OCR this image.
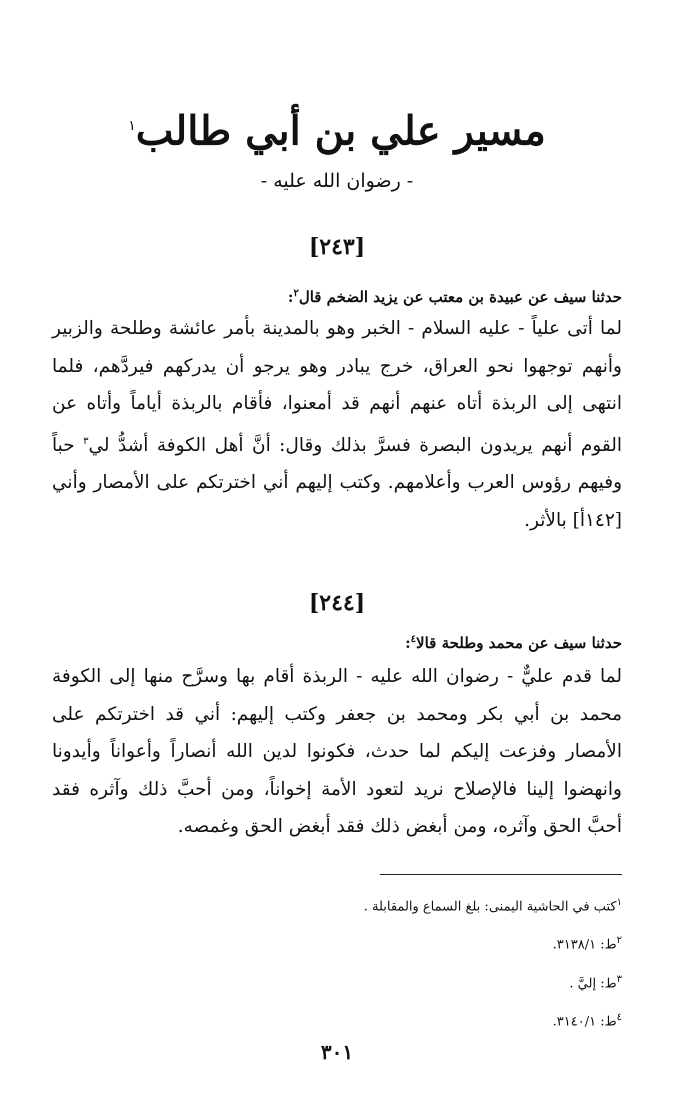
مسير علي بن أبي طالب$^١$
- رضوان الله عليه -
[٢٤٣]
حدثنا سيف عن عبيدة بن معتب عن يزيد الضخم قال$^٢$:

لما أتى علياً - عليه السلام - الخبر وهو بالمدينة بأمر عائشة وطلحة والزبير وأنهم توجهوا نحو العراق، خرج يبادر وهو يرجو أن يدركهم فيردَّهم، فلما انتهى إلى الربذة أتاه عنهم أنهم قد أمعنوا، فأقام بالربذة أياماً وأتاه عن القوم أنهم يريدون البصرة فسرَّ بذلك وقال: أنَّ أهل الكوفة أشدُّ لي$^٣$ حباً وفيهم رؤوس العرب وأعلامهم. وكتب إليهم أني اخترتكم على الأمصار وأني [١٤٢أ] بالأثر.

[٢٤٤]
حدثنا سيف عن محمد وطلحة قالا$^٤$:

لما قدم عليٌّ - رضوان الله عليه - الربذة أقام بها وسرَّح منها إلى الكوفة محمد بن أبي بكر ومحمد بن جعفر وكتب إليهم: أني قد اخترتكم على الأمصار وفزعت إليكم لما حدث، فكونوا لدين الله أنصاراً وأعواناً وأيدونا وانهضوا إلينا فالإصلاح نريد لتعود الأمة إخواناً، ومن أحبَّ ذلك وآثره فقد أحبَّ الحق وآثره، ومن أبغض ذلك فقد أبغض الحق وغمصه.

$^١$كتب في الحاشية اليمنى: بلغ السماع والمقابلة .
$^٢$ط: ٣١٣٨/١.
$^٣$ط: إليَّ .
$^٤$ط: ٣١٤٠/١.
٣٠١
